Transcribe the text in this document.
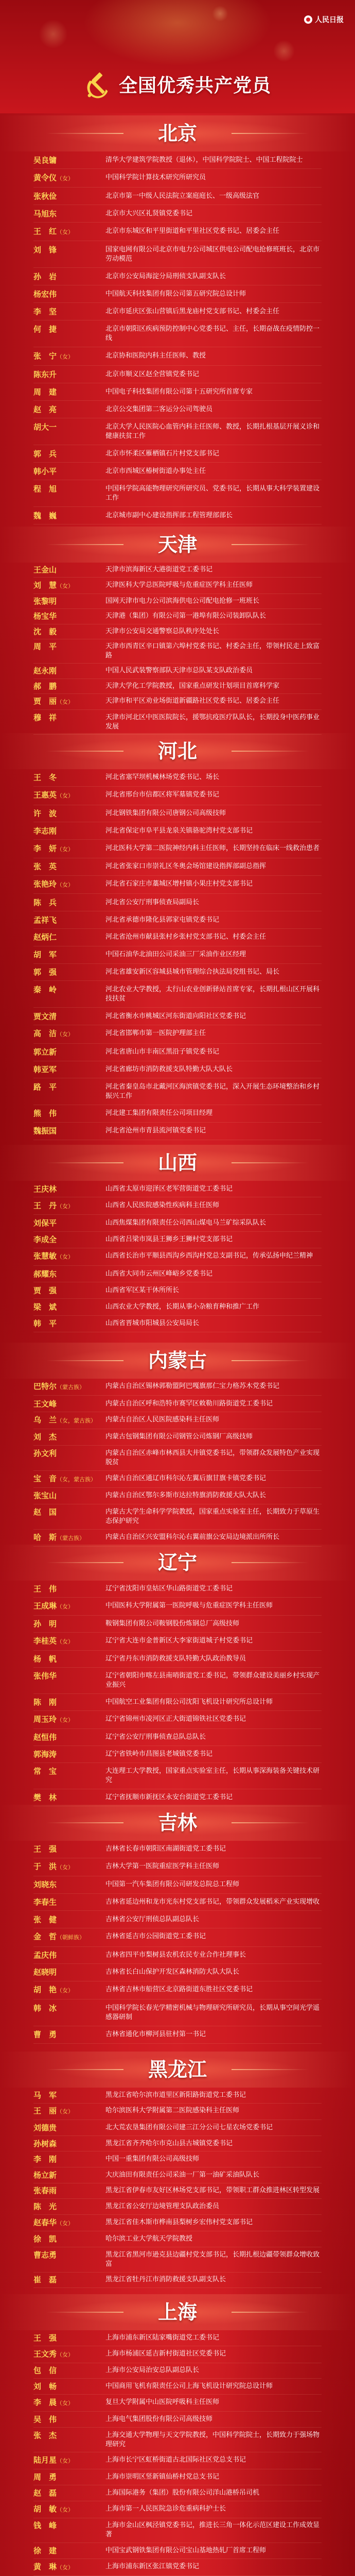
人民日报
全国优秀共产党员
北京
吴良镛	清华大学建筑学院教授（退休），中国科学院院士、中国工程院院士
黄令仪（女）	中国科学院计算技术研究所研究员
张秋俭	北京市第一中级人民法院立案庭庭长、一级高级法官
马旭东	北京市大兴区礼贤镇党委书记
王　红（女）	北京市东城区和平里街道和平里社区党委书记、居委会主任
刘　锋	国家电网有限公司北京市电力公司城区供电公司配电抢修班班长，北京市劳动模范
孙　岩	北京市公安局海淀分局刑侦支队副支队长
杨宏伟	中国航天科技集团有限公司第五研究院总设计师
李　坚	北京市延庆区张山营镇后黑龙庙村党支部书记、村委会主任
何　捷	北京市朝阳区疾病预防控制中心党委书记、主任，长期奋战在疫情防控一线
张　宁（女）	北京协和医院内科主任医师、教授
陈东升	北京市顺义区赵全营镇党委书记
周　建	中国电子科技集团有限公司第十五研究所首席专家
赵　亮	北京公交集团第二客运分公司驾驶员
胡大一	北京大学人民医院心血管内科主任医师、教授，长期扎根基层开展义诊和健康扶贫工作
郭　兵	北京市怀柔区雁栖镇石片村党支部书记
韩小平	北京市西城区椿树街道办事处主任
程　旭	中国科学院高能物理研究所研究员、党委书记，长期从事大科学装置建设工作
魏　巍	北京城市副中心建设指挥部工程管理部部长
天津
王金山	天津市滨海新区大港街道党工委书记
刘　慧（女）	天津医科大学总医院呼吸与危重症医学科主任医师
张黎明	国网天津市电力公司滨海供电公司配电抢修一班班长
杨宝华	天津港（集团）有限公司第一港埠有限公司装卸队队长
沈　毅	天津市公安局交通警察总队秩序处处长
周　平	天津市西青区辛口镇第六埠村党委书记、村委会主任，带领村民走上致富路
赵永刚	中国人民武装警察部队天津市总队某支队政治委员
郝　鹏	天津大学化工学院教授，国家重点研发计划项目首席科学家
贾　丽（女）	天津市和平区劝业场街道新疆路社区党委书记、居委会主任
穆　祥	天津市河北区中医医院院长，援鄂抗疫医疗队队长，长期投身中医药事业发展
河北
王　冬	河北省塞罕坝机械林场党委书记、场长
王惠英（女）	河北省邢台市信都区将军墓镇党委书记
许　波	河北钢铁集团有限公司唐钢公司高级技师
李志刚	河北省保定市阜平县龙泉关镇骆驼湾村党支部书记
李　妍（女）	河北医科大学第二医院神经内科主任医师，长期坚持在临床一线救治患者
张　英	河北省张家口市崇礼区冬奥会场馆建设指挥部副总指挥
张艳玲（女）	河北省石家庄市藁城区增村镇小果庄村党支部书记
陈　兵	河北省公安厅刑事侦查局副局长
孟祥飞	河北省承德市隆化县郭家屯镇党委书记
赵炳仁	河北省沧州市献县张村乡张村党支部书记、村委会主任
胡　军	中国石油华北油田公司采油三厂采油作业区经理
郭　强	河北省雄安新区容城县城市管理综合执法局党组书记、局长
秦　岭	河北农业大学教授，太行山农业创新驿站首席专家，长期扎根山区开展科技扶贫
贾文清	河北省衡水市桃城区河东街道向阳社区党委书记
高　洁（女）	河北省邯郸市第一医院护理部主任
郭立新	河北省唐山市丰南区黑沿子镇党委书记
韩亚军	河北省廊坊市消防救援支队特勤大队大队长
路　平	河北省秦皇岛市北戴河区海滨镇党委书记，深入开展生态环境整治和乡村振兴工作
熊　伟	河北建工集团有限责任公司项目经理
魏振国	河北省沧州市青县流河镇党委书记
山西
王庆林	山西省太原市迎泽区老军营街道党工委书记
王　丹（女）	山西省人民医院感染性疾病科主任医师
刘保平	山西焦煤集团有限责任公司西山煤电马兰矿综采队队长
李成全	山西省吕梁市岚县王狮乡王狮村党支部书记
张慧敏（女）	山西省长治市平顺县西沟乡西沟村党总支副书记，传承弘扬申纪兰精神
郝耀东	山西省大同市云州区峰峪乡党委书记
贾　强	山西省军区某干休所所长
梁　斌	山西农业大学教授，长期从事小杂粮育种和推广工作
韩　平	山西省晋城市阳城县公安局局长
内蒙古
巴特尔（蒙古族）	内蒙古自治区锡林郭勒盟阿巴嘎旗那仁宝力格苏木党委书记
王文峰	内蒙古自治区呼和浩特市赛罕区敕勒川路街道党工委书记
乌　兰（女，蒙古族）	内蒙古自治区人民医院感染科主任医师
刘　杰	内蒙古包钢集团有限公司钢管公司炼钢厂高级技师
孙文利	内蒙古自治区赤峰市林西县大井镇党委书记，带领群众发展特色产业实现脱贫
宝　音（女，蒙古族）	内蒙古自治区通辽市科尔沁左翼后旗甘旗卡镇党委书记
张宝山	内蒙古自治区鄂尔多斯市达拉特旗消防救援大队大队长
赵　国	内蒙古大学生命科学学院教授，国家重点实验室主任，长期致力于草原生态保护研究
哈　斯（蒙古族）	内蒙古自治区兴安盟科尔沁右翼前旗公安局边境派出所所长
辽宁
王　伟	辽宁省沈阳市皇姑区华山路街道党工委书记
王成琳（女）	中国医科大学附属第一医院呼吸与危重症医学科主任医师
孙　明	鞍钢集团有限公司鞍钢股份炼钢总厂高级技师
李桂英（女）	辽宁省大连市金普新区大李家街道城子村党委书记
杨　帆	辽宁省丹东市消防救援支队特勤大队政治教导员
张伟华	辽宁省朝阳市喀左县南哨街道党工委书记，带领群众建设美丽乡村实现产业振兴
陈　刚	中国航空工业集团有限公司沈阳飞机设计研究所总设计师
周玉玲（女）	辽宁省锦州市凌河区正大街道锦铁社区党委书记
赵恒伟	辽宁省公安厅刑事侦查总队总队长
郭海涛	辽宁省铁岭市昌图县老城镇党委书记
常　宝	大连理工大学教授，国家重点实验室主任，长期从事深海装备关键技术研究
樊　林	辽宁省抚顺市新抚区永安台街道党工委书记
吉林
王　强	吉林省长春市朝阳区南湖街道党工委书记
于　洪（女）	吉林大学第一医院重症医学科主任医师
刘晓东	中国第一汽车集团有限公司研发总院总工程师
李春生	吉林省延边州和龙市光东村党支部书记，带领群众发展稻米产业实现增收
张　健	吉林省公安厅刑侦总队副总队长
金　哲（朝鲜族）	吉林省延吉市公园街道党工委书记
孟庆伟	吉林省四平市梨树县农机农民专业合作社理事长
赵晓明	吉林省长白山保护开发区森林消防大队大队长
胡　艳（女）	吉林省吉林市船营区北京路街道东胜社区党委书记
韩　冰	中国科学院长春光学精密机械与物理研究所研究员，长期从事空间光学遥感器研制
曹　勇	吉林省通化市柳河县驻村第一书记
黑龙江
马　军	黑龙江省哈尔滨市道里区新阳路街道党工委书记
王　丽（女）	哈尔滨医科大学附属第二医院感染科主任医师
刘德贵	北大荒农垦集团有限公司建三江分公司七星农场党委书记
孙树森	黑龙江省齐齐哈尔市克山县古城镇党委书记
李　刚	中国一重集团有限公司高级技师
杨立新	大庆油田有限责任公司采油一厂第一油矿采油队队长
张春雨	黑龙江省伊春市友好区林场党支部书记，带领职工群众推进林区转型发展
陈　光	黑龙江省公安厅边境管理支队政治委员
赵春华（女）	黑龙江省佳木斯市桦南县梨树乡宏伟村党支部书记
徐　凯	哈尔滨工业大学航天学院教授
曹志勇	黑龙江省黑河市逊克县边疆村党支部书记，长期扎根边疆带领群众增收致富
崔　磊	黑龙江省牡丹江市消防救援支队副支队长
上海
王　强	上海市浦东新区陆家嘴街道党工委书记
王文秀（女）	上海市杨浦区延吉新村街道社区党委书记
包　信	上海市公安局治安总队副总队长
刘　畅	中国商用飞机有限责任公司上海飞机设计研究院总设计师
李　晨（女）	复旦大学附属中山医院呼吸科主任医师
吴　伟	上海电气集团股份有限公司高级技师
张　杰	上海交通大学物理与天文学院教授，中国科学院院士，长期致力于强场物理研究
陆月星（女）	上海市长宁区虹桥街道古北国际社区党总支书记
周　勇	上海市崇明区竖新镇仙桥村党总支书记
赵　磊	上海国际港务（集团）股份有限公司洋山港桥吊司机
胡　敏（女）	上海市第一人民医院急诊危重病科护士长
钱　峰	上海市金山区枫泾镇党委书记，推进长三角一体化示范区建设工作成效显著
徐　建	中国宝武钢铁集团有限公司宝山基地热轧厂首席工程师
黄　琳（女）	上海市浦东新区张江镇党委书记
